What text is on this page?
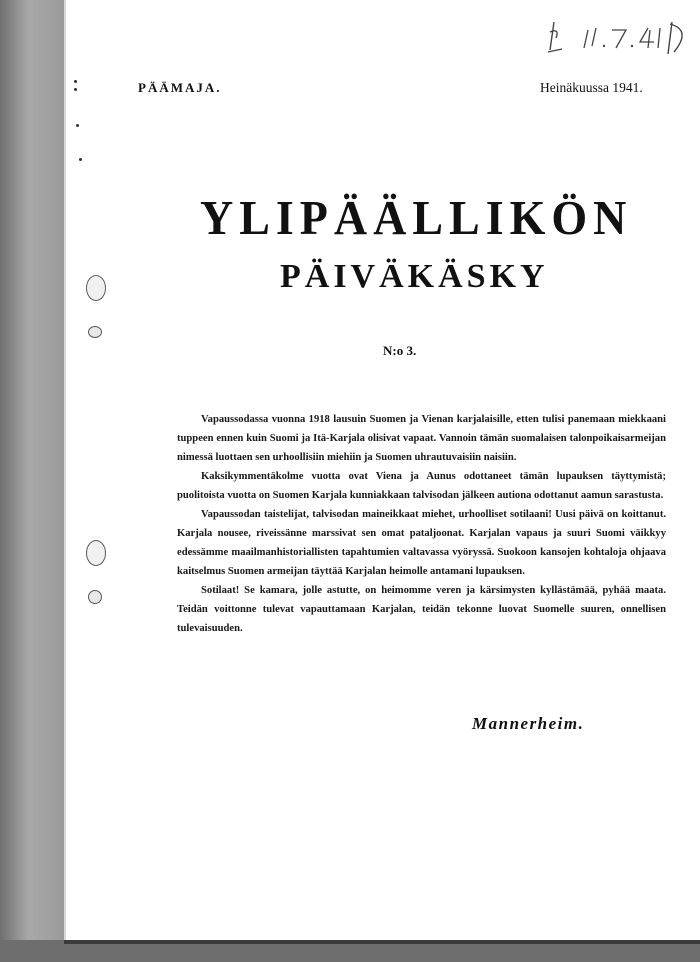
PÄÄMAJA.	Heinäkuussa 1941.
YLIPÄÄLLIKÖN
PÄIVÄKÄSKY
N:o 3.

Vapaussodassa vuonna 1918 lausuin Suomen ja Vienan karjalaisille, etten tulisi panemaan miekkaani tuppeen ennen kuin Suomi ja Itä-Karjala olisivat vapaat. Vannoin tämän suomalaisen talonpoikaisarmeijan nimessä luottaen sen urhoollisiin miehiin ja Suomen uhrautuvaisiin naisiin.

Kaksikymmentäkolme vuotta ovat Viena ja Aunus odottaneet tämän lupauksen täyttymistä; puolitoista vuotta on Suomen Karjala kunniakkaan talvisodan jälkeen autiona odottanut aamun sarastusta.

Vapaussodan taistelijat, talvisodan maineikkaat miehet, urhoolliset sotilaani! Uusi päivä on koittanut. Karjala nousee, riveissänne marssivat sen omat pataljoonat. Karjalan vapaus ja suuri Suomi väikkyy edessämme maailmanhistoriallisten tapahtumien valtavassa vyöryssä. Suokoon kansojen kohtaloja ohjaava kaitselmus Suomen armeijan täyttää Karjalan heimolle antamani lupauksen.

Sotilaat! Se kamara, jolle astutte, on heimomme veren ja kärsimysten kyllästämää, pyhää maata. Teidän voittonne tulevat vapauttamaan Karjalan, teidän tekonne luovat Suomelle suuren, onnellisen tulevaisuuden.

Mannerheim.
